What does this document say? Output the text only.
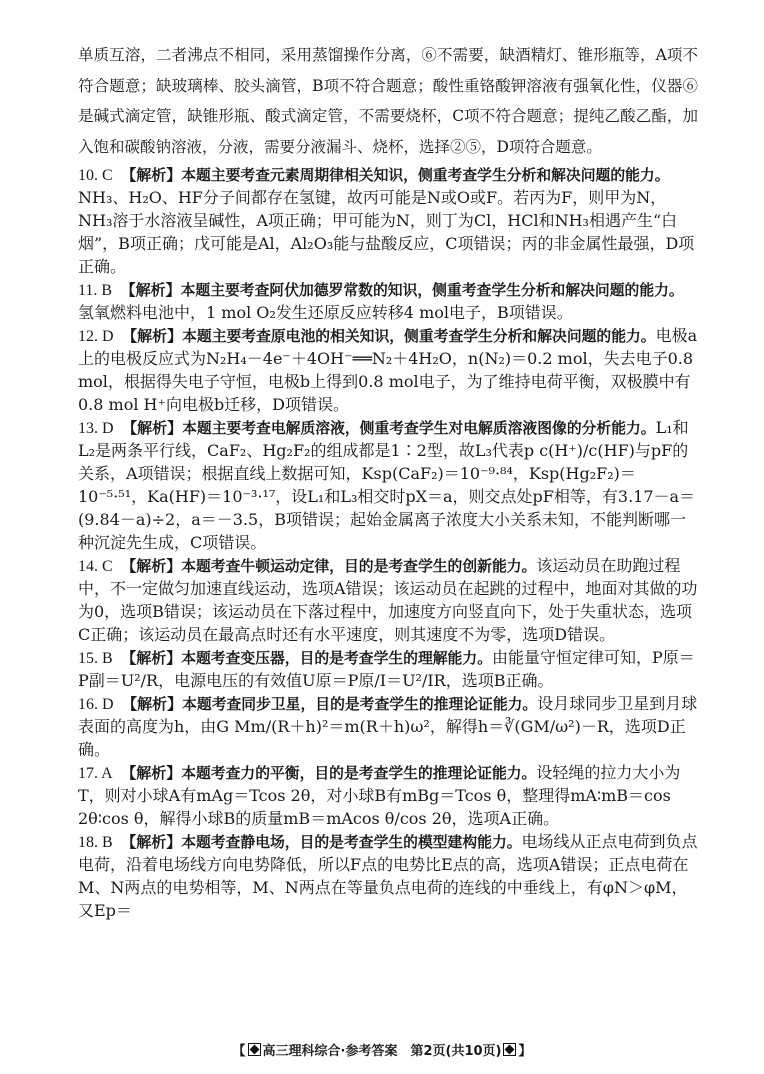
单质互溶，二者沸点不相同，采用蒸馏操作分离，⑥不需要，缺酒精灯、锥形瓶等，A项不符合题意；缺玻璃棒、胶头滴管，B项不符合题意；酸性重铬酸钾溶液有强氧化性，仪器⑥是碱式滴定管，缺锥形瓶、酸式滴定管，不需要烧杯，C项不符合题意；提纯乙酸乙酯，加入饱和碳酸钠溶液，分液，需要分液漏斗、烧杯，选择②⑤，D项符合题意。

10. C　 【解析】本题主要考查元素周期律相关知识，侧重考查学生分析和解决问题的能力。NH₃、H₂O、HF分子间都存在氢键，故丙可能是N或O或F。若丙为F，则甲为N，NH₃溶于水溶液呈碱性，A项正确；甲可能为N，则丁为Cl，HCl和NH₃相遇产生“白烟”，B项正确；戊可能是Al，Al₂O₃能与盐酸反应，C项错误；丙的非金属性最强，D项正确。

11. B　 【解析】本题主要考查阿伏加德罗常数的知识，侧重考查学生分析和解决问题的能力。氢氧燃料电池中，1 mol O₂发生还原反应转移4 mol电子，B项错误。

12. D　 【解析】本题主要考查原电池的相关知识，侧重考查学生分析和解决问题的能力。电极a上的电极反应式为N₂H₄－4e⁻＋4OH⁻══N₂＋4H₂O，n(N₂)＝0.2 mol，失去电子0.8 mol，根据得失电子守恒，电极b上得到0.8 mol电子，为了维持电荷平衡，双极膜中有0.8 mol H⁺向电极b迁移，D项错误。

13. D　 【解析】本题主要考查电解质溶液，侧重考查学生对电解质溶液图像的分析能力。L₁和L₂是两条平行线，CaF₂、Hg₂F₂的组成都是1∶2型，故L₃代表p c(H⁺)/c(HF)与pF的关系，A项错误；根据直线上数据可知，Ksp(CaF₂)＝10⁻⁹·⁸⁴，Ksp(Hg₂F₂)＝10⁻⁵·⁵¹，Ka(HF)＝10⁻³·¹⁷，设L₁和L₃相交时pX＝a，则交点处pF相等，有3.17－a＝(9.84－a)÷2，a＝－3.5，B项错误；起始金属离子浓度大小关系未知，不能判断哪一种沉淀先生成，C项错误。

14. C　 【解析】本题考查牛顿运动定律，目的是考查学生的创新能力。该运动员在助跑过程中，不一定做匀加速直线运动，选项A错误；该运动员在起跳的过程中，地面对其做的功为0，选项B错误；该运动员在下落过程中，加速度方向竖直向下，处于失重状态，选项C正确；该运动员在最高点时还有水平速度，则其速度不为零，选项D错误。

15. B　 【解析】本题考查变压器，目的是考查学生的理解能力。由能量守恒定律可知，P原＝P副＝U²/R，电源电压的有效值U原＝P原/I＝U²/IR，选项B正确。

16. D　 【解析】本题考查同步卫星，目的是考查学生的推理论证能力。设月球同步卫星到月球表面的高度为h，由G Mm/(R＋h)²＝m(R＋h)ω²，解得h＝∛(GM/ω²)－R，选项D正确。

17. A　 【解析】本题考查力的平衡，目的是考查学生的推理论证能力。设轻绳的拉力大小为T，则对小球A有mAg＝Tcos 2θ，对小球B有mBg＝Tcos θ，整理得mA∶mB＝cos 2θ∶cos θ，解得小球B的质量mB＝mAcos θ/cos 2θ，选项A正确。

18. B　 【解析】本题考查静电场，目的是考查学生的模型建构能力。电场线从正点电荷到负点电荷，沿着电场线方向电势降低，所以F点的电势比E点的高，选项A错误；正点电荷在M、N两点的电势相等，M、N两点在等量负点电荷的连线的中垂线上，有φN＞φM，又Ep＝

【 高三理科综合·参考答案　第2页(共10页) 】
